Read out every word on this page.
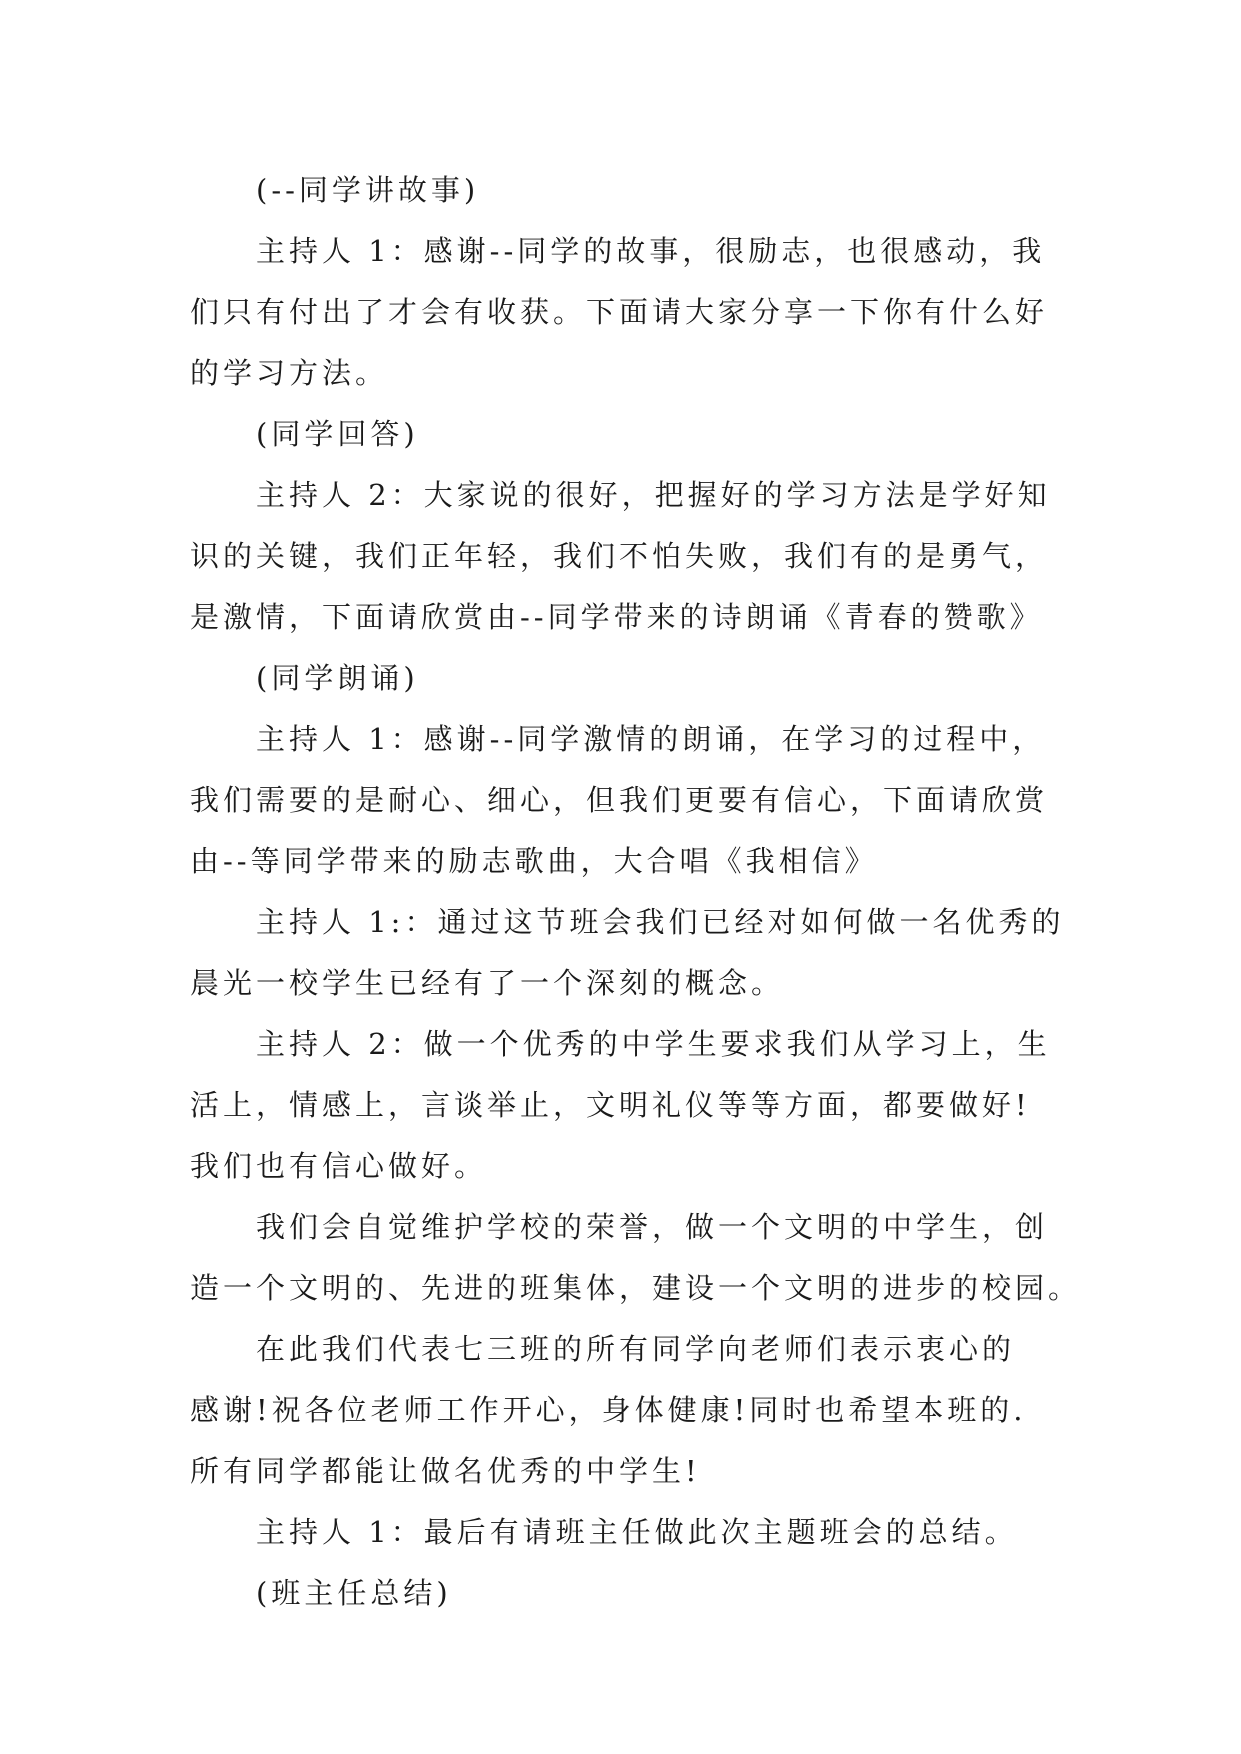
(--同学讲故事)

主持人 1：感谢--同学的故事，很励志，也很感动，我

们只有付出了才会有收获。下面请大家分享一下你有什么好

的学习方法。

(同学回答)

主持人 2：大家说的很好，把握好的学习方法是学好知

识的关键，我们正年轻，我们不怕失败，我们有的是勇气，

是激情，下面请欣赏由--同学带来的诗朗诵《青春的赞歌》

(同学朗诵)

主持人 1：感谢--同学激情的朗诵，在学习的过程中，

我们需要的是耐心、细心，但我们更要有信心，下面请欣赏

由--等同学带来的励志歌曲，大合唱《我相信》

主持人 1:：通过这节班会我们已经对如何做一名优秀的

晨光一校学生已经有了一个深刻的概念。

主持人 2：做一个优秀的中学生要求我们从学习上，生

活上，情感上，言谈举止，文明礼仪等等方面，都要做好!

我们也有信心做好。

我们会自觉维护学校的荣誉，做一个文明的中学生，创

造一个文明的、先进的班集体，建设一个文明的进步的校园。

在此我们代表七三班的所有同学向老师们表示衷心的

感谢!祝各位老师工作开心，身体健康!同时也希望本班的.

所有同学都能让做名优秀的中学生!

主持人 1：最后有请班主任做此次主题班会的总结。

(班主任总结)
